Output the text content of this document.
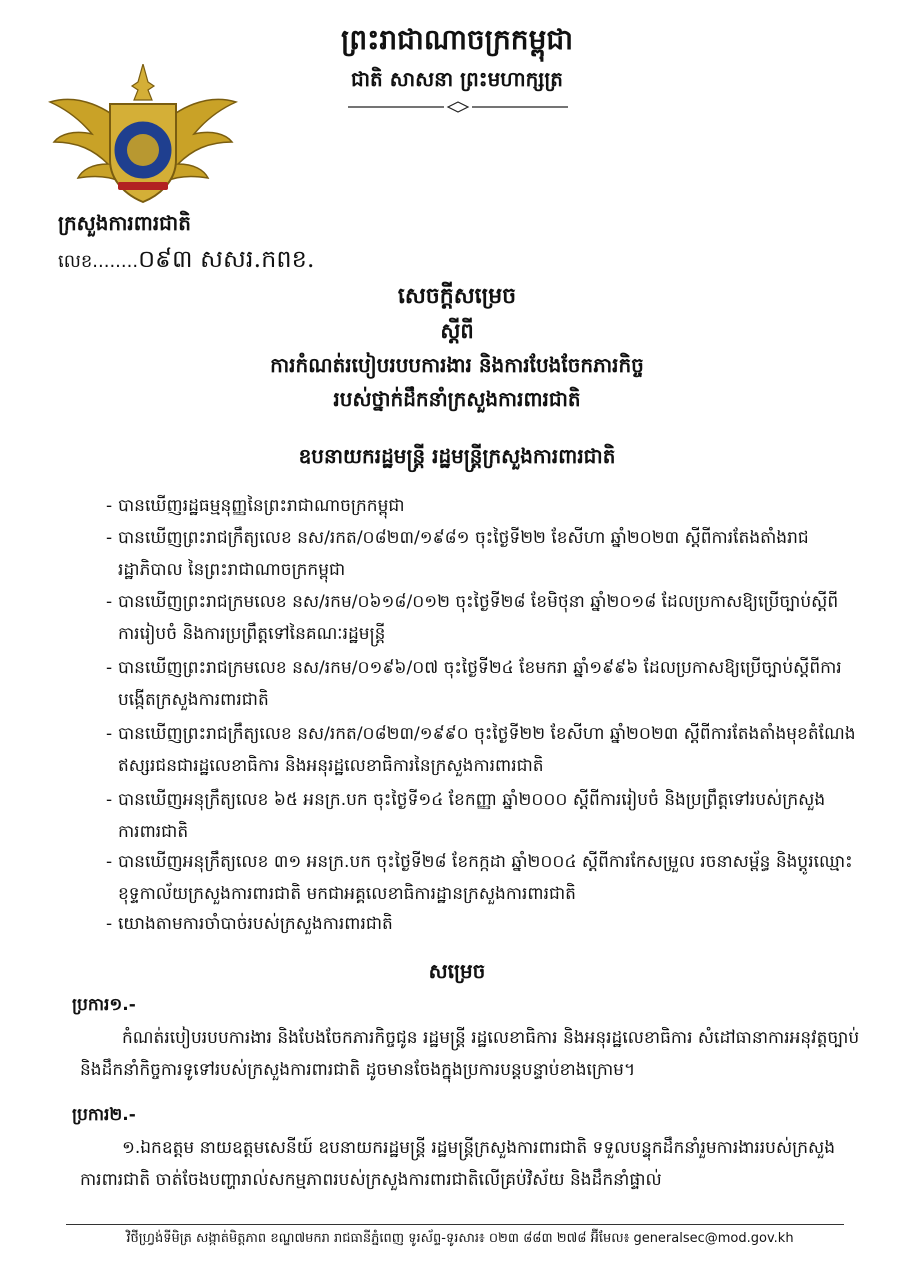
ព្រះរាជាណាចក្រកម្ពុជា
ជាតិ សាសនា ព្រះមហាក្សត្រ
ក្រសួងការពារជាតិ
លេខ........០៩៣ សសរ.កពខ.
សេចក្ដីសម្រេច
ស្ដីពី
ការកំណត់របៀបរបបការងារ និងការបែងចែកភារកិច្ច
របស់ថ្នាក់ដឹកនាំក្រសួងការពារជាតិ
ឧបនាយករដ្ឋមន្ត្រី រដ្ឋមន្ត្រីក្រសួងការពារជាតិ
- បានឃើញរដ្ឋធម្មនុញ្ញនៃព្រះរាជាណាចក្រកម្ពុជា
- បានឃើញព្រះរាជក្រឹត្យលេខ នស/រកត/០៨២៣/១៩៨១ ចុះថ្ងៃទី២២ ខែសីហា ឆ្នាំ២០២៣ ស្ដីពីការតែងតាំងរាជរដ្ឋាភិបាល នៃព្រះរាជាណាចក្រកម្ពុជា
- បានឃើញព្រះរាជក្រមលេខ នស/រកម/០៦១៨/០១២ ចុះថ្ងៃទី២៨ ខែមិថុនា ឆ្នាំ២០១៨ ដែលប្រកាសឱ្យប្រើច្បាប់ស្ដីពីការរៀបចំ និងការប្រព្រឹត្តទៅនៃគណៈរដ្ឋមន្ត្រី
- បានឃើញព្រះរាជក្រមលេខ នស/រកម/០១៩៦/០៧ ចុះថ្ងៃទី២៤ ខែមករា ឆ្នាំ១៩៩៦ ដែលប្រកាសឱ្យប្រើច្បាប់ស្ដីពីការបង្កើតក្រសួងការពារជាតិ
- បានឃើញព្រះរាជក្រឹត្យលេខ នស/រកត/០៨២៣/១៩៩០ ចុះថ្ងៃទី២២ ខែសីហា ឆ្នាំ២០២៣ ស្ដីពីការតែងតាំងមុខតំណែងឥស្សរជនជារដ្ឋលេខាធិការ និងអនុរដ្ឋលេខាធិការនៃក្រសួងការពារជាតិ
- បានឃើញអនុក្រឹត្យលេខ ៦៥ អនក្រ.បក ចុះថ្ងៃទី១៤ ខែកញ្ញា ឆ្នាំ២០០០ ស្ដីពីការរៀបចំ និងប្រព្រឹត្តទៅរបស់ក្រសួងការពារជាតិ
- បានឃើញអនុក្រឹត្យលេខ ៣១ អនក្រ.បក ចុះថ្ងៃទី២៨ ខែកក្កដា ឆ្នាំ២០០៤ ស្ដីពីការកែសម្រួល រចនាសម្ព័ន្ធ និងប្ដូរឈ្មោះខុទ្ទកាល័យក្រសួងការពារជាតិ មកជាអគ្គលេខាធិការដ្ឋានក្រសួងការពារជាតិ
- យោងតាមការចាំបាច់របស់ក្រសួងការពារជាតិ
សម្រេច
ប្រការ១.-
កំណត់របៀបរបបការងារ និងបែងចែកភារកិច្ចជូន រដ្ឋមន្ត្រី រដ្ឋលេខាធិការ និងអនុរដ្ឋលេខាធិការ សំដៅធានាការអនុវត្តច្បាប់ និងដឹកនាំកិច្ចការទូទៅរបស់ក្រសួងការពារជាតិ ដូចមានចែងក្នុងប្រការបន្តបន្ទាប់ខាងក្រោម។
ប្រការ២.-
១.ឯកឧត្តម នាយឧត្តមសេនីយ៍ ឧបនាយករដ្ឋមន្ត្រី រដ្ឋមន្ត្រីក្រសួងការពារជាតិ ទទួលបន្ទុកដឹកនាំរួមការងាររបស់ក្រសួងការពារជាតិ ចាត់ចែងបញ្ហារាល់សកម្មភាពរបស់ក្រសួងការពារជាតិលើគ្រប់វិស័យ និងដឹកនាំផ្ទាល់
វិថីហ្វ្រង់ទីមិត្រ សង្កាត់មិត្តភាព ខណ្ឌ៧មករា រាជធានីភ្នំពេញ ទូរស័ព្ទ-ទូរសារ៖ ០២៣ ៨៨៣ ២៧៨ អ៊ីមែល៖ generalsec@mod.gov.kh
